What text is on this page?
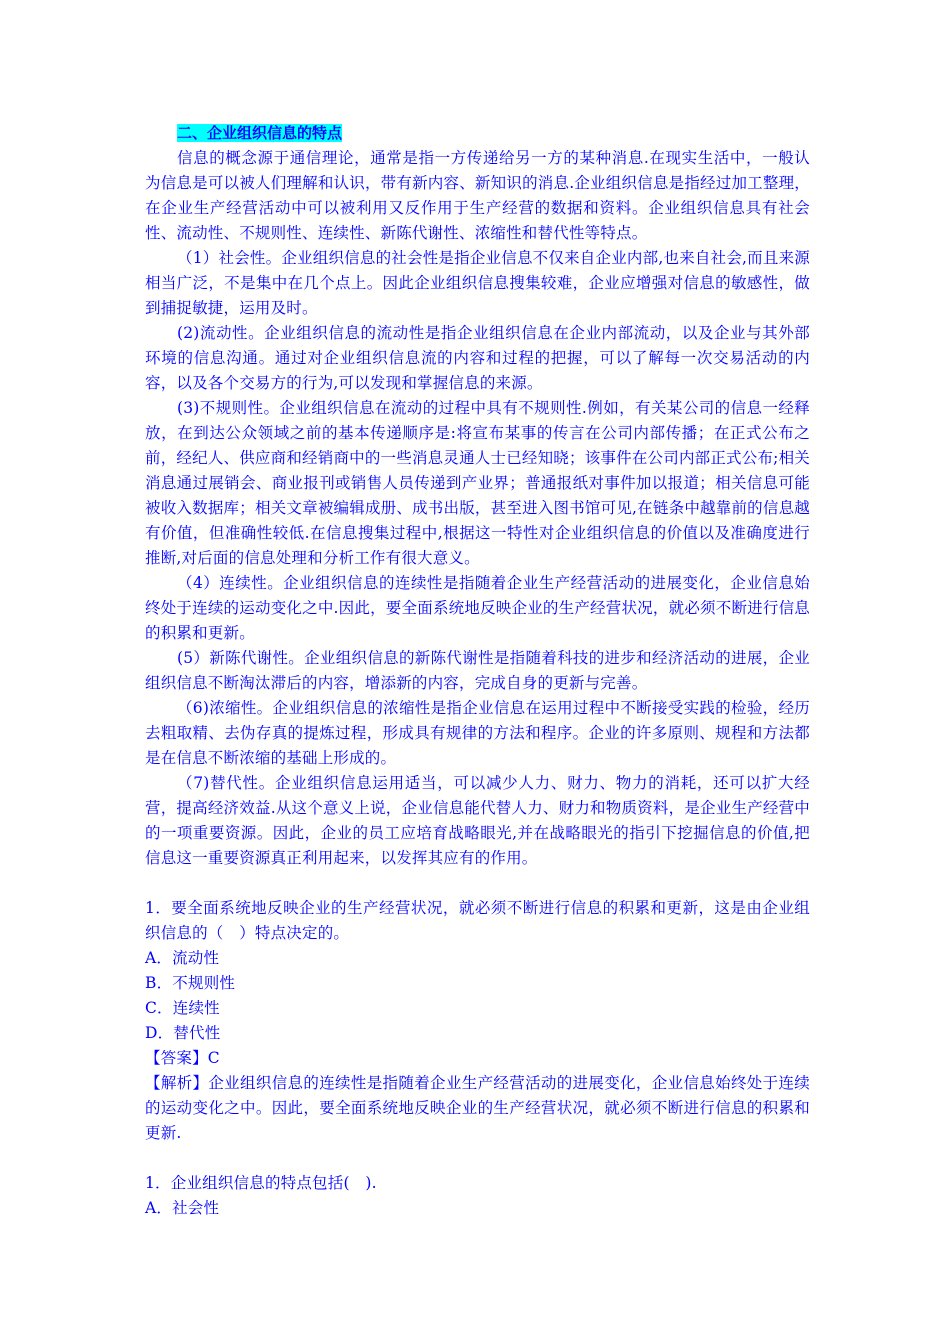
二、企业组织信息的特点

信息的概念源于通信理论，通常是指一方传递给另一方的某种消息.在现实生活中，一般认为信息是可以被人们理解和认识，带有新内容、新知识的消息.企业组织信息是指经过加工整理，在企业生产经营活动中可以被利用又反作用于生产经营的数据和资料。企业组织信息具有社会性、流动性、不规则性、连续性、新陈代谢性、浓缩性和替代性等特点。

（1）社会性。企业组织信息的社会性是指企业信息不仅来自企业内部,也来自社会,而且来源相当广泛，不是集中在几个点上。因此企业组织信息搜集较难，企业应增强对信息的敏感性，做到捕捉敏捷，运用及时。

(2)流动性。企业组织信息的流动性是指企业组织信息在企业内部流动，以及企业与其外部环境的信息沟通。通过对企业组织信息流的内容和过程的把握，可以了解每一次交易活动的内容，以及各个交易方的行为,可以发现和掌握信息的来源。

(3)不规则性。企业组织信息在流动的过程中具有不规则性.例如，有关某公司的信息一经释放，在到达公众领域之前的基本传递顺序是:将宣布某事的传言在公司内部传播；在正式公布之前，经纪人、供应商和经销商中的一些消息灵通人士已经知晓；该事件在公司内部正式公布;相关消息通过展销会、商业报刊或销售人员传递到产业界；普通报纸对事件加以报道；相关信息可能被收入数据库；相关文章被编辑成册、成书出版，甚至进入图书馆可见,在链条中越靠前的信息越有价值，但准确性较低.在信息搜集过程中,根据这一特性对企业组织信息的价值以及准确度进行推断,对后面的信息处理和分析工作有很大意义。

（4）连续性。企业组织信息的连续性是指随着企业生产经营活动的进展变化，企业信息始终处于连续的运动变化之中.因此，要全面系统地反映企业的生产经营状况，就必须不断进行信息的积累和更新。

(5）新陈代谢性。企业组织信息的新陈代谢性是指随着科技的进步和经济活动的进展，企业组织信息不断淘汰滞后的内容，增添新的内容，完成自身的更新与完善。

（6)浓缩性。企业组织信息的浓缩性是指企业信息在运用过程中不断接受实践的检验，经历去粗取精、去伪存真的提炼过程，形成具有规律的方法和程序。企业的许多原则、规程和方法都是在信息不断浓缩的基础上形成的。

（7)替代性。企业组织信息运用适当，可以减少人力、财力、物力的消耗，还可以扩大经营，提高经济效益.从这个意义上说，企业信息能代替人力、财力和物质资料，是企业生产经营中的一项重要资源。因此，企业的员工应培育战略眼光,并在战略眼光的指引下挖掘信息的价值,把信息这一重要资源真正利用起来，以发挥其应有的作用。

1．要全面系统地反映企业的生产经营状况，就必须不断进行信息的积累和更新，这是由企业组织信息的（　）特点决定的。

A．流动性

B．不规则性

C．连续性

D．替代性

【答案】C

【解析】企业组织信息的连续性是指随着企业生产经营活动的进展变化，企业信息始终处于连续的运动变化之中。因此，要全面系统地反映企业的生产经营状况，就必须不断进行信息的积累和更新.

1．企业组织信息的特点包括(　).

A．社会性
